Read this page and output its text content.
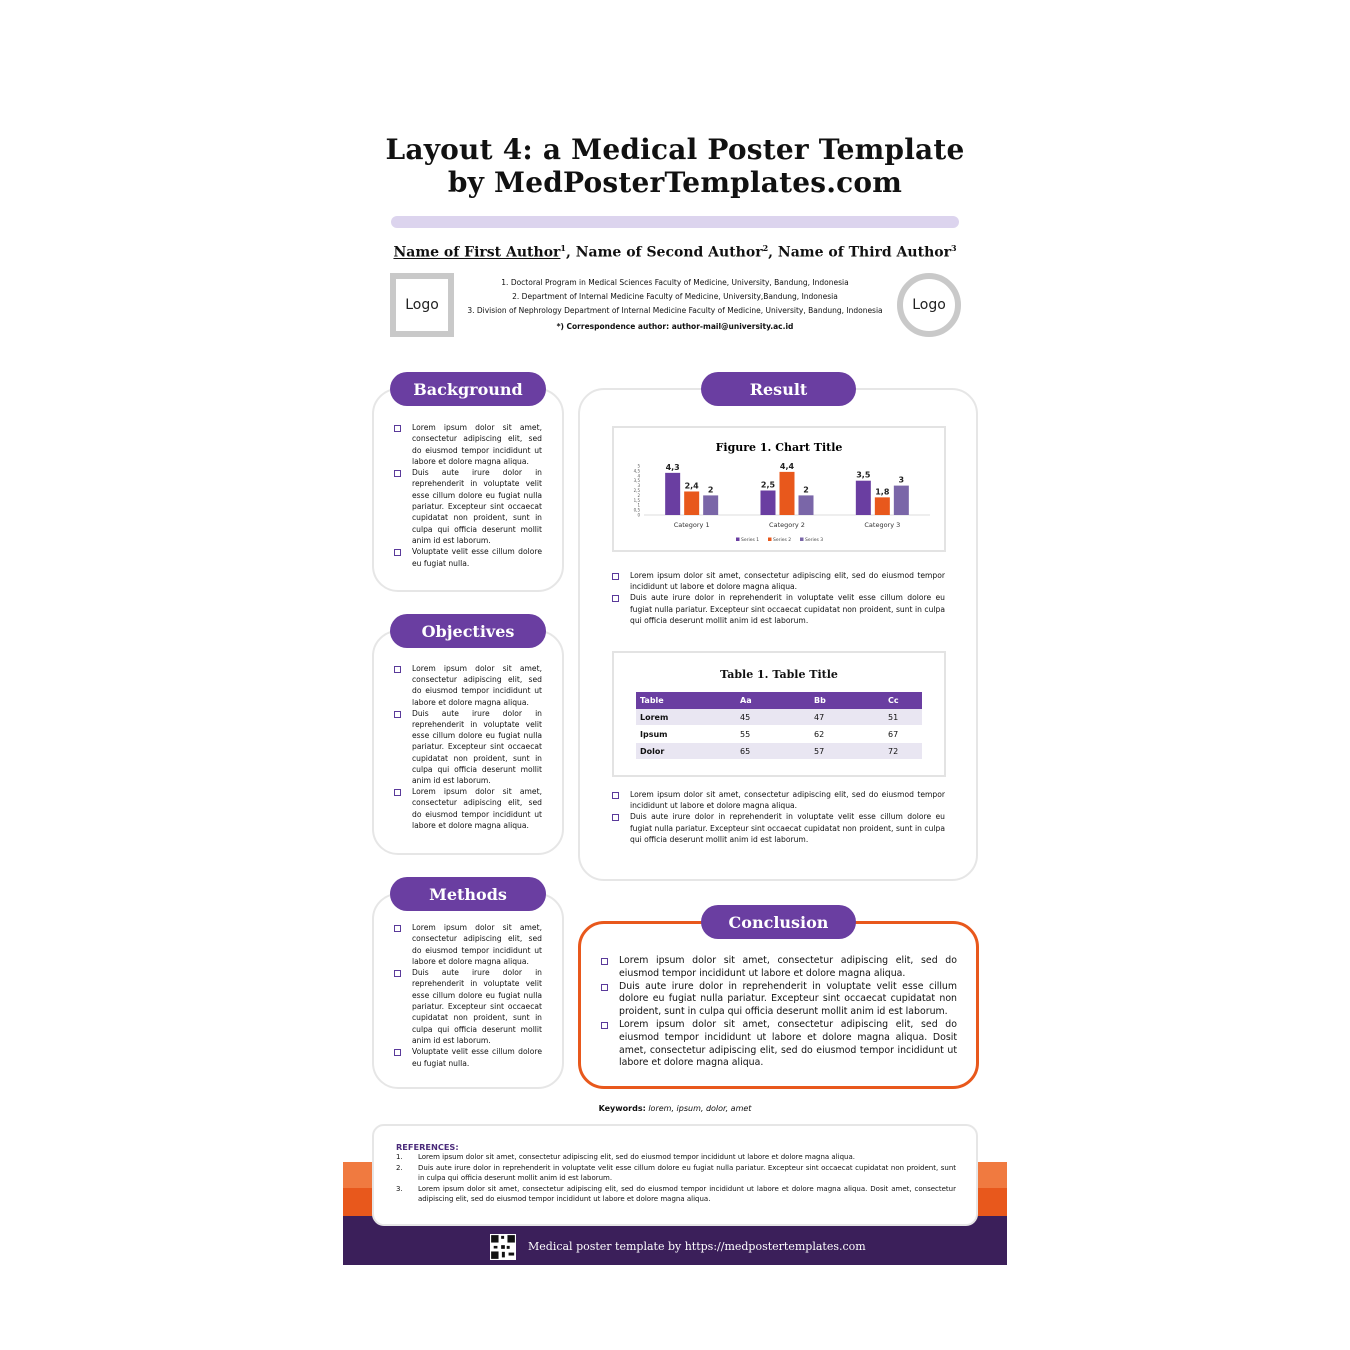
Layout 4: a Medical Poster Template
by MedPosterTemplates.com
Name of First Author$^1$, Name of Second Author$^2$, Name of Third Author$^3$
1. Doctoral Program in Medical Sciences Faculty of Medicine, University, Bandung, Indonesia
2. Department of Internal Medicine Faculty of Medicine, University,Bandung, Indonesia
3. Division of Nephrology Department of Internal Medicine Faculty of Medicine, University, Bandung, Indonesia
*) Correspondence author: author-mail@university.ac.id
Logo	Logo
Lorem ipsum dolor sit amet, consectetur adipiscing elit, sed do eiusmod tempor incididunt ut labore et dolore magna aliqua.
Duis aute irure dolor in reprehenderit in voluptate velit esse cillum dolore eu fugiat nulla pariatur. Excepteur sint occaecat cupidatat non proident, sunt in culpa qui officia deserunt mollit anim id est laborum.
Voluptate velit esse cillum dolore eu fugiat nulla.
Background
Lorem ipsum dolor sit amet, consectetur adipiscing elit, sed do eiusmod tempor incididunt ut labore et dolore magna aliqua.
Duis aute irure dolor in reprehenderit in voluptate velit esse cillum dolore eu fugiat nulla pariatur. Excepteur sint occaecat cupidatat non proident, sunt in culpa qui officia deserunt mollit anim id est laborum.
Lorem ipsum dolor sit amet, consectetur adipiscing elit, sed do eiusmod tempor incididunt ut labore et dolore magna aliqua.
Objectives
Lorem ipsum dolor sit amet, consectetur adipiscing elit, sed do eiusmod tempor incididunt ut labore et dolore magna aliqua.
Duis aute irure dolor in reprehenderit in voluptate velit esse cillum dolore eu fugiat nulla pariatur. Excepteur sint occaecat cupidatat non proident, sunt in culpa qui officia deserunt mollit anim id est laborum.
Voluptate velit esse cillum dolore eu fugiat nulla.
Methods
Result
Figure 1. Chart Title
0
0,5
1
1,5
2
2,5
3
3,5
4
4,5
5	4,3
2,4 2
2,5
4,4
2
3,5
1,8
3
Category 1	Category 2	Category 3
Series 1	Series 2	Series 3
Lorem ipsum dolor sit amet, consectetur adipiscing elit, sed do eiusmod tempor incididunt ut labore et dolore magna aliqua.
Duis aute irure dolor in reprehenderit in voluptate velit esse cillum dolore eu fugiat nulla pariatur. Excepteur sint occaecat cupidatat non proident, sunt in culpa qui officia deserunt mollit anim id est laborum.
Table 1. Table Title
Table	Aa	Bb	Cc
Lorem	45	47	51
Ipsum	55	62	67
Dolor	65	57	72
Lorem ipsum dolor sit amet, consectetur adipiscing elit, sed do eiusmod tempor incididunt ut labore et dolore magna aliqua.
Duis aute irure dolor in reprehenderit in voluptate velit esse cillum dolore eu fugiat nulla pariatur. Excepteur sint occaecat cupidatat non proident, sunt in culpa qui officia deserunt mollit anim id est laborum.
Lorem ipsum dolor sit amet, consectetur adipiscing elit, sed do eiusmod tempor incididunt ut labore et dolore magna aliqua.
Duis aute irure dolor in reprehenderit in voluptate velit esse cillum dolore eu fugiat nulla pariatur. Excepteur sint occaecat cupidatat non proident, sunt in culpa qui officia deserunt mollit anim id est laborum.
Lorem ipsum dolor sit amet, consectetur adipiscing elit, sed do eiusmod tempor incididunt ut labore et dolore magna aliqua. Dosit amet, consectetur adipiscing elit, sed do eiusmod tempor incididunt ut labore et dolore magna aliqua.
Conclusion
Keywords: lorem, ipsum, dolor, amet
REFERENCES:
1. Lorem ipsum dolor sit amet, consectetur adipiscing elit, sed do eiusmod tempor incididunt ut labore et dolore magna aliqua.
2. Duis aute irure dolor in reprehenderit in voluptate velit esse cillum dolore eu fugiat nulla pariatur. Excepteur sint occaecat cupidatat non proident, sunt in culpa qui officia deserunt mollit anim id est laborum.
3. Lorem ipsum dolor sit amet, consectetur adipiscing elit, sed do eiusmod tempor incididunt ut labore et dolore magna aliqua. Dosit amet, consectetur adipiscing elit, sed do eiusmod tempor incididunt ut labore et dolore magna aliqua.
Medical poster template by https://medpostertemplates.com
